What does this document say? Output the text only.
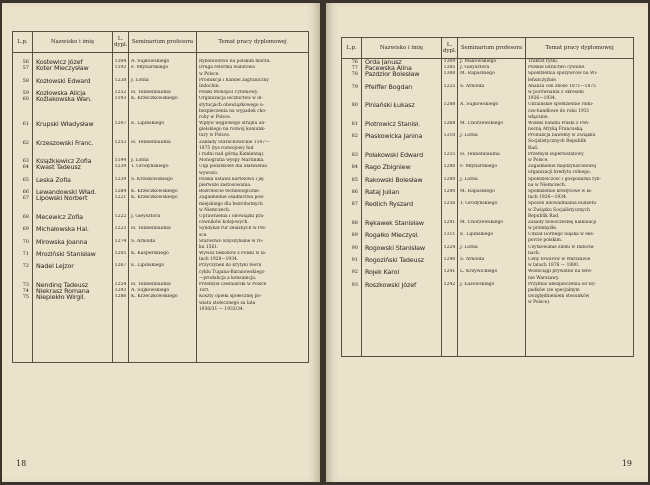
L.p.	Nazwisko i imię	L. dypl.	Seminarium profesora	Temat pracy dyplomowej

56	Kostewicz Józef	1304	A. Sujkowskiego	Rybołówstwo na polskim morzu.

57	Koter Mieczysław	1192	F. Młynarskiego	Druga reforma walutowa
w Polsce.

58	Kozłowski Edward	1238	J. Lotha	Produkcja i handel zagraniczny
Indochin.

59	Kozłowska Alicja	1252	H. Tennenbauma	Polski Monopol Tytoniowy.

60	Koźlakowska Wan.	1193	K. Krzeczkowskiego	Organizacja lecznictwa w in-
stytucjach obowiązkowego u-
bezpieczenia na wypadek cho-
roby w Polsce.

61	Krupski Władysław	1207	E. Lipińskiego	Wpływ węglowego strajku an-
gielskiego na rozwój koniunk-
tury w Polsce.

62	Krzeszowski Franc.	1253	H. Tennenbauma	Zakłady Starachowickie 1547—
1875 (tys rozwojowy hut
i rudni nad górną Kamienną).

63	Książkiewicz Zofia	1194	J. Lotha	Monografia wyspy Martinika.

64	Kwast Tadeusz	1239	T. Grodyńskiego	Ulgi podatkowe dla ułatwienia
wywozu.

65	Leska Zofia	1239	S. Królikowskiego	Polska ustawa kartelowa i jej
pierwsze zastosowania.

66	Lewandowski Wład.	1284	K. Krzeczkowskiego	Bezrobocie technologiczne.

67	Lipowski Norbert	1221	K. Krzeczkowskiego	Zagadnienie osadnictwa pod-
miejskiego dla bezrobotnych
w Niemczech.

68	Mecewicz Zofia	1222	J. Gieysztora	Uprawnienia i obowiązki pra-
cowników kolejowych.

69	Michałowska Hal.	1223	H. Tennenbauma	Syndykat rur żelaznych w Pol-
sce.

70	Mirowska Joanna	1274	S. Arnolda	Starostwo Knyszyńskie w ro-
ku 1561.

71	Mroziński Stanisław	1205	K. Kasperskiego	Wywóz bekonów z Polski w la-
tach 1928—1934.

72	Nadel Lejzor	1267	E. Lipińskiego	Przyczynek do krytyki teorii
cyklu Tugana-Baranowskiego
—produkcja a konsumcja.

73	Nending Tadeusz	1254	H. Tennenbauma	Przemysł cześniarski w Polsce

74	Niekrasz Romana	1293	A. Sujkowskiego	Torf.

75	Niepiekło Wirgil.	1286	K. Krzeczkowskiego	Koszty opieki społecznej po-
wiatu stołecznego za lata
1930/31 — 1933/34.

18
L.p.	Nazwisko i imię	L. dypl.	Seminarium profesora	Temat pracy dyplomowej
76	Orda Janusz	1309	J. Makowskiego	Traktat ryski.

77	Pacewska Alina	1285	J. Gieysztora	Polskie lotnictwo cywilne.

78	Pazdzior Bolesław	1300	M. Rapackiego	Spółdzielnia spożywców na Wi-
leńszczyźnie.

79	Pfeiffer Bogdan	1225	S. Arnolda	Analiza cen zboże 1871—1875
w porównaniu z okresem
1926—1934.

80	Piniański Łukasz	1288	A. Sujkowskiego	Ukraińskie spółdzielnie rolni-
czo-handlowe do roku 1931
włącznie.

81	Piotrowicz Stanisł.	1268	M. Chorzewskiego	Widoki handlu Polski z Póh-
nocną Afryką Francuską.

82	Płaskowicka Janina	1310	J. Lotha	Produkcja bawełny w Związku
Socjalistycznych Republik
Rad.

83	Połakowski Edward	1255	H. Tennenbauma	Przemysł superfosfatowy
w Polsce.

84	Rago Zbigniew	1280	F. Młynarskiego	Zagadnienie międzynarodowej
organizacji kredytu rolnego.

85	Rakowski Bolesław	1289	J. Lotha	Spółdzielczość i gospodarka ryb-
na w Niemczech.

86	Rataj Julian	1290	M. Rapackiego	Spółdzielnie kredytowe w la-
tach 1926—1934.

87	Redlich Ryszard	1256	T. Grodyńskiego	Sposób udowadniania budżetu
w Związku Socjalistycznych
Republik Rad.

88	Rękawek Stanisław	1291	M. Chorzewskiego	Zasady nowoczesnej kalkulacji
w przemyśle.

89	Rogałko Mieczysł.	1311	E. Lipińskiego	Udział Górnego Śląska w eks-
porcie polskim.

90	Rogowski Stanisław	1224	J. Lotha	Użytkowanie ziemi w Indochi-
nach.

91	Rogoziński Tadeusz	1240	S. Arnolda	Ceny towarów w Warszawie
w latach 1876 — 1880.

92	Rojek Karol	1241	L. Krzywickiego	Wodociągi prywatne na tere-
nie Warszawy.

93	Roszkowski Józef	1242	J. Łazowskiego	Przymus ubezpieczenia od wy-
padków (ze specjalnym
uwzględnieniem stosunków
w Polsce).

19
